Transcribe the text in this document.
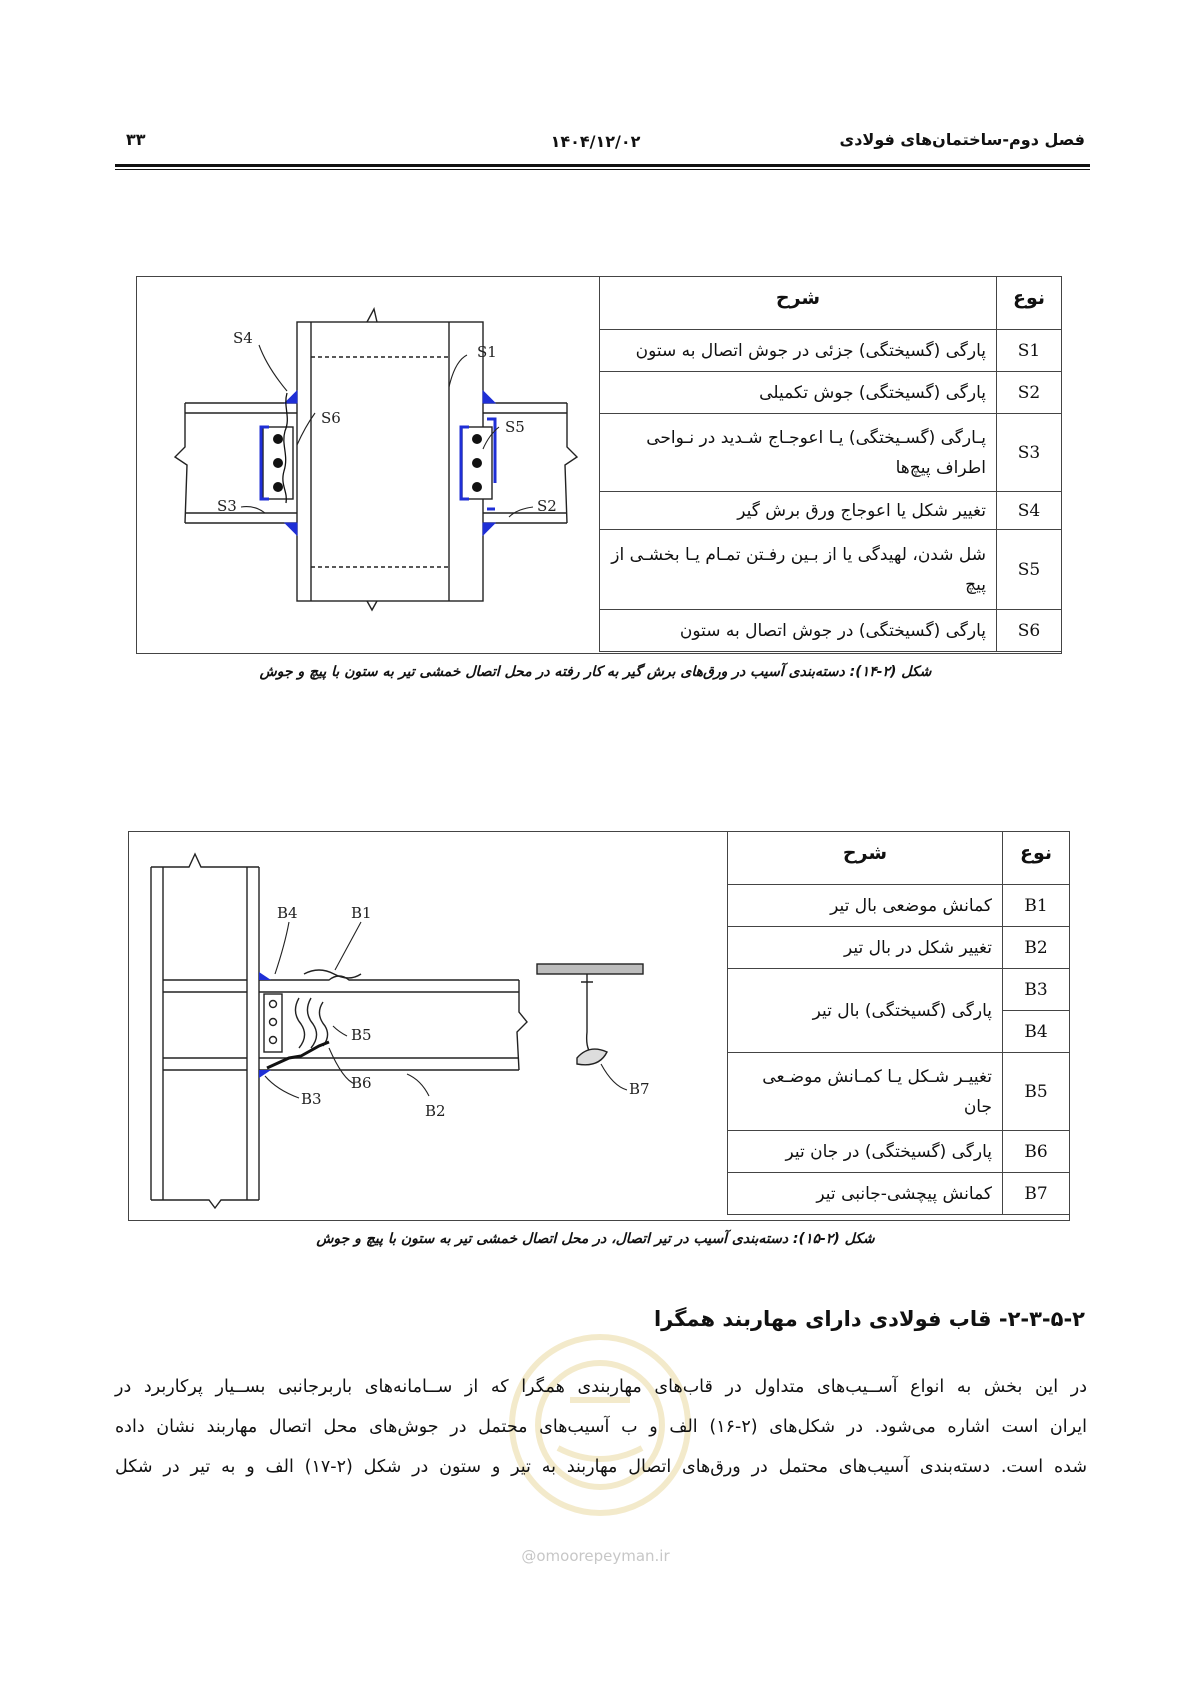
فصل دوم-ساختمان‌های فولادی
۱۴۰۴/۱۲/۰۲
۳۳
S4
S1
S6	S5
S3	S2
نوع	شرح
S1	پارگی (گسیختگی) جزئی در جوش اتصال به ستون
S2	پارگی (گسیختگی) جوش تکمیلی
S3	پـارگی (گسـیختگی) یـا اعوجـاج شـدید در نـواحی اطراف پیچ‌ها
S4	تغییر شکل یا اعوجاج ورق برش گیر
S5	شل شدن، لهیدگی یا از بـین رفـتن تمـام یـا بخشـی از پیچ
S6	پارگی (گسیختگی) در جوش اتصال به ستون
شکل (۲-۱۴): دسته‌بندی آسیب در ورق‌های برش گیر به کار رفته در محل اتصال خمشی تیر به ستون با پیچ و جوش
B4	B1
B5
B6
B3
B2
B7
نوع	شرح
B1	کمانش موضعی بال تیر
B2	تغییر شکل در بال تیر
B3	پارگی (گسیختگی) بال تیر
B4	
B5	تغییـر شـکل یـا کمـانش موضـعی جان
B6	پارگی (گسیختگی) در جان تیر
B7	کمانش پیچشی-جانبی تیر
شکل (۲-۱۵): دسته‌بندی آسیب در تیر اتصال، در محل اتصال خمشی تیر به ستون با پیچ و جوش
۲-۳-۵-۲- قاب فولادی دارای مهاربند همگرا
در این بخش به انواع آســیب‌های متداول در قاب‌های مهاربندی همگرا که از ســامانه‌های باربرجانبی بســیار پرکاربرد در
ایران است اشاره می‌شود. در شکل‌های (۲-۱۶) الف و ب آسیب‌های محتمل در جوش‌های محل اتصال مهاربند نشان داده
شده است. دسته‌بندی آسیب‌های محتمل در ورق‌های اتصال مهاربند به تیر و ستون در شکل (۲-۱۷) الف و به تیر در شکل
@omoorepeyman.ir
